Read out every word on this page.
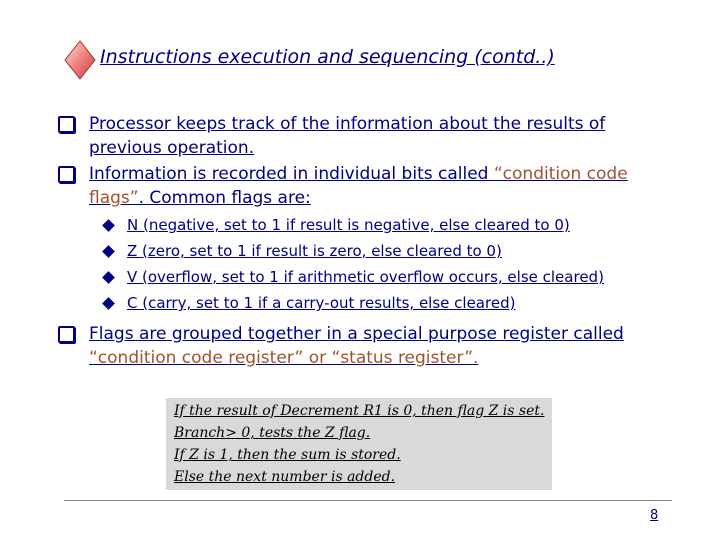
Instructions execution and sequencing (contd..)
Processor keeps track of the information about the results of previous operation.
Information is recorded in individual bits called “condition code flags”. Common flags are:
N (negative, set to 1 if result is negative, else cleared to 0)
Z (zero, set to 1 if result is zero, else cleared to 0)
V (overflow, set to 1 if arithmetic overflow occurs, else cleared)
C (carry, set to 1 if a carry-out results, else cleared)
Flags are grouped together in a special purpose register called “condition code register” or “status register”.
If the result of Decrement R1 is 0, then flag Z is set.
Branch> 0, tests the Z flag.
If Z is 1, then the sum is stored.
Else the next number is added.
8
